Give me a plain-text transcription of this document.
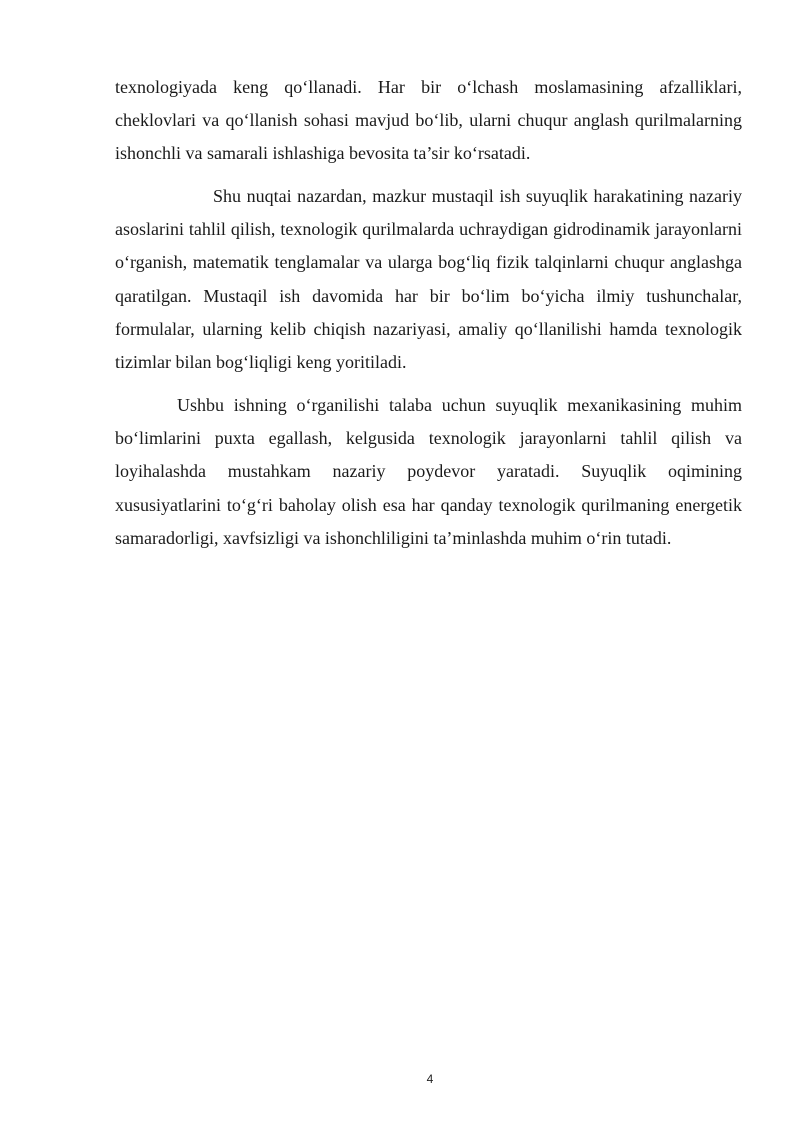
texnologiyada keng qo‘llanadi. Har bir o‘lchash moslamasining afzalliklari, cheklovlari va qo‘llanish sohasi mavjud bo‘lib, ularni chuqur anglash qurilmalarning ishonchli va samarali ishlashiga bevosita ta’sir ko‘rsatadi.

Shu nuqtai nazardan, mazkur mustaqil ish suyuqlik harakatining nazariy asoslarini tahlil qilish, texnologik qurilmalarda uchraydigan gidrodinamik jarayonlarni o‘rganish, matematik tenglamalar va ularga bog‘liq fizik talqinlarni chuqur anglashga qaratilgan. Mustaqil ish davomida har bir bo‘lim bo‘yicha ilmiy tushunchalar, formulalar, ularning kelib chiqish nazariyasi, amaliy qo‘llanilishi hamda texnologik tizimlar bilan bog‘liqligi keng yoritiladi.

Ushbu ishning o‘rganilishi talaba uchun suyuqlik mexanikasining muhim bo‘limlarini puxta egallash, kelgusida texnologik jarayonlarni tahlil qilish va loyihalashda mustahkam nazariy poydevor yaratadi. Suyuqlik oqimining xususiyatlarini to‘g‘ri baholay olish esa har qanday texnologik qurilmaning energetik samaradorligi, xavfsizligi va ishonchliligini ta’minlashda muhim o‘rin tutadi.

4
